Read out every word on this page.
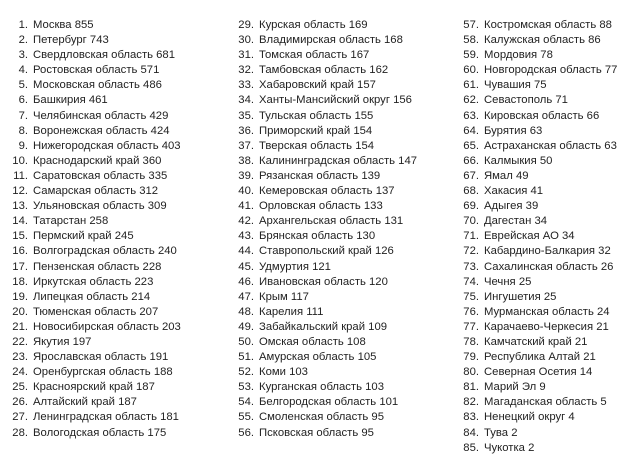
1. Москва 855
2. Петербург 743
3. Свердловская область 681
4. Ростовская область 571
5. Московская область 486
6. Башкирия 461
7. Челябинская область 429
8. Воронежская область 424
9. Нижегородская область 403
10. Краснодарский край 360
11. Саратовская область 335
12. Самарская область 312
13. Ульяновская область 309
14. Татарстан 258
15. Пермский край 245
16. Волгоградская область 240
17. Пензенская область 228
18. Иркутская область 223
19. Липецкая область 214
20. Тюменская область 207
21. Новосибирская область 203
22. Якутия 197
23. Ярославская область 191
24. Оренбургская область 188
25. Красноярский край 187
26. Алтайский край 187
27. Ленинградская область 181
28. Вологодская область 175
29. Курская область 169
30. Владимирская область 168
31. Томская область 167
32. Тамбовская область 162
33. Хабаровский край 157
34. Ханты-Мансийский округ 156
35. Тульская область 155
36. Приморский край 154
37. Тверская область 154
38. Калининградская область 147
39. Рязанская область 139
40. Кемеровская область 137
41. Орловская область 133
42. Архангельская область 131
43. Брянская область 130
44. Ставропольский край 126
45. Удмуртия 121
46. Ивановская область 120
47. Крым 117
48. Карелия 111
49. Забайкальский край 109
50. Омская область 108
51. Амурская область 105
52. Коми 103
53. Курганская область 103
54. Белгородская область 101
55. Смоленская область 95
56. Псковская область 95
57. Костромская область 88
58. Калужская область 86
59. Мордовия 78
60. Новгородская область 77
61. Чувашия 75
62. Севастополь 71
63. Кировская область 66
64. Бурятия 63
65. Астраханская область 63
66. Калмыкия 50
67. Ямал 49
68. Хакасия 41
69. Адыгея 39
70. Дагестан 34
71. Еврейская АО 34
72. Кабардино-Балкария 32
73. Сахалинская область 26
74. Чечня 25
75. Ингушетия 25
76. Мурманская область 24
77. Карачаево-Черкесия 21
78. Камчатский край 21
79. Республика Алтай 21
80. Северная Осетия 14
81. Марий Эл 9
82. Магаданская область 5
83. Ненецкий округ 4
84. Тува 2
85. Чукотка 2
